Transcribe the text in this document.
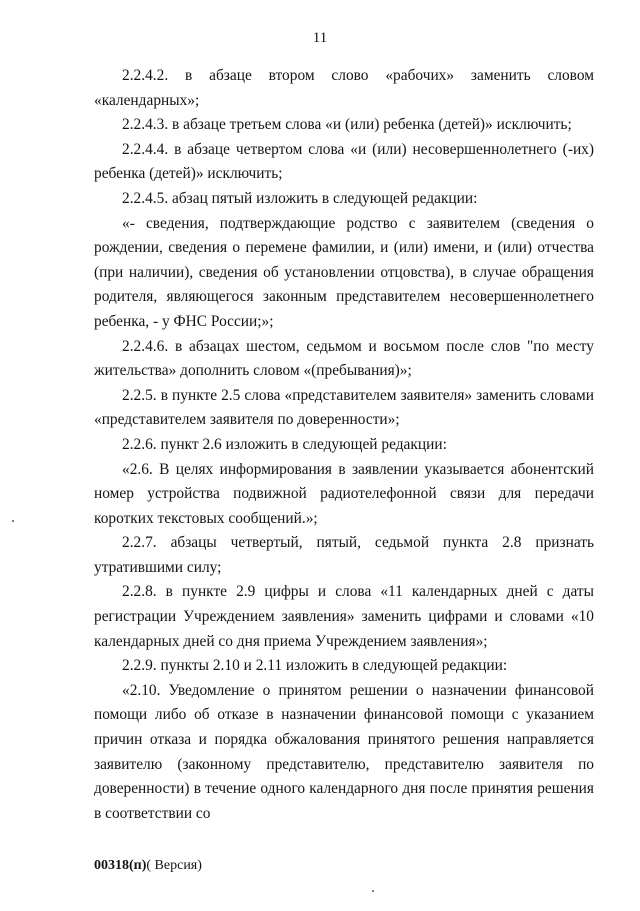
11

2.2.4.2. в абзаце втором слово «рабочих» заменить словом «календарных»;

2.2.4.3. в абзаце третьем слова «и (или) ребенка (детей)» исключить;

2.2.4.4. в абзаце четвертом слова «и (или) несовершеннолетнего (-их) ребенка (детей)» исключить;

2.2.4.5. абзац пятый изложить в следующей редакции:

«- сведения, подтверждающие родство с заявителем (сведения о рождении, сведения о перемене фамилии, и (или) имени, и (или) отчества (при наличии), сведения об установлении отцовства), в случае обращения родителя, являющегося законным представителем несовершеннолетнего ребенка, - у ФНС России;»;

2.2.4.6. в абзацах шестом, седьмом и восьмом после слов "по месту жительства» дополнить словом «(пребывания)»;

2.2.5. в пункте 2.5 слова «представителем заявителя» заменить словами «представителем заявителя по доверенности»;

2.2.6. пункт 2.6 изложить в следующей редакции:

«2.6. В целях информирования в заявлении указывается абонентский номер устройства подвижной радиотелефонной связи для передачи коротких текстовых сообщений.»;

2.2.7. абзацы четвертый, пятый, седьмой пункта 2.8 признать утратившими силу;

2.2.8. в пункте 2.9 цифры и слова «11 календарных дней с даты регистрации Учреждением заявления» заменить цифрами и словами «10 календарных дней со дня приема Учреждением заявления»;

2.2.9. пункты 2.10 и 2.11 изложить в следующей редакции:

«2.10. Уведомление о принятом решении о назначении финансовой помощи либо об отказе в назначении финансовой помощи с указанием причин отказа и порядка обжалования принятого решения направляется заявителю (законному представителю, представителю заявителя по доверенности) в течение одного календарного дня после принятия решения в соответствии со

00318(п)( Версия)
